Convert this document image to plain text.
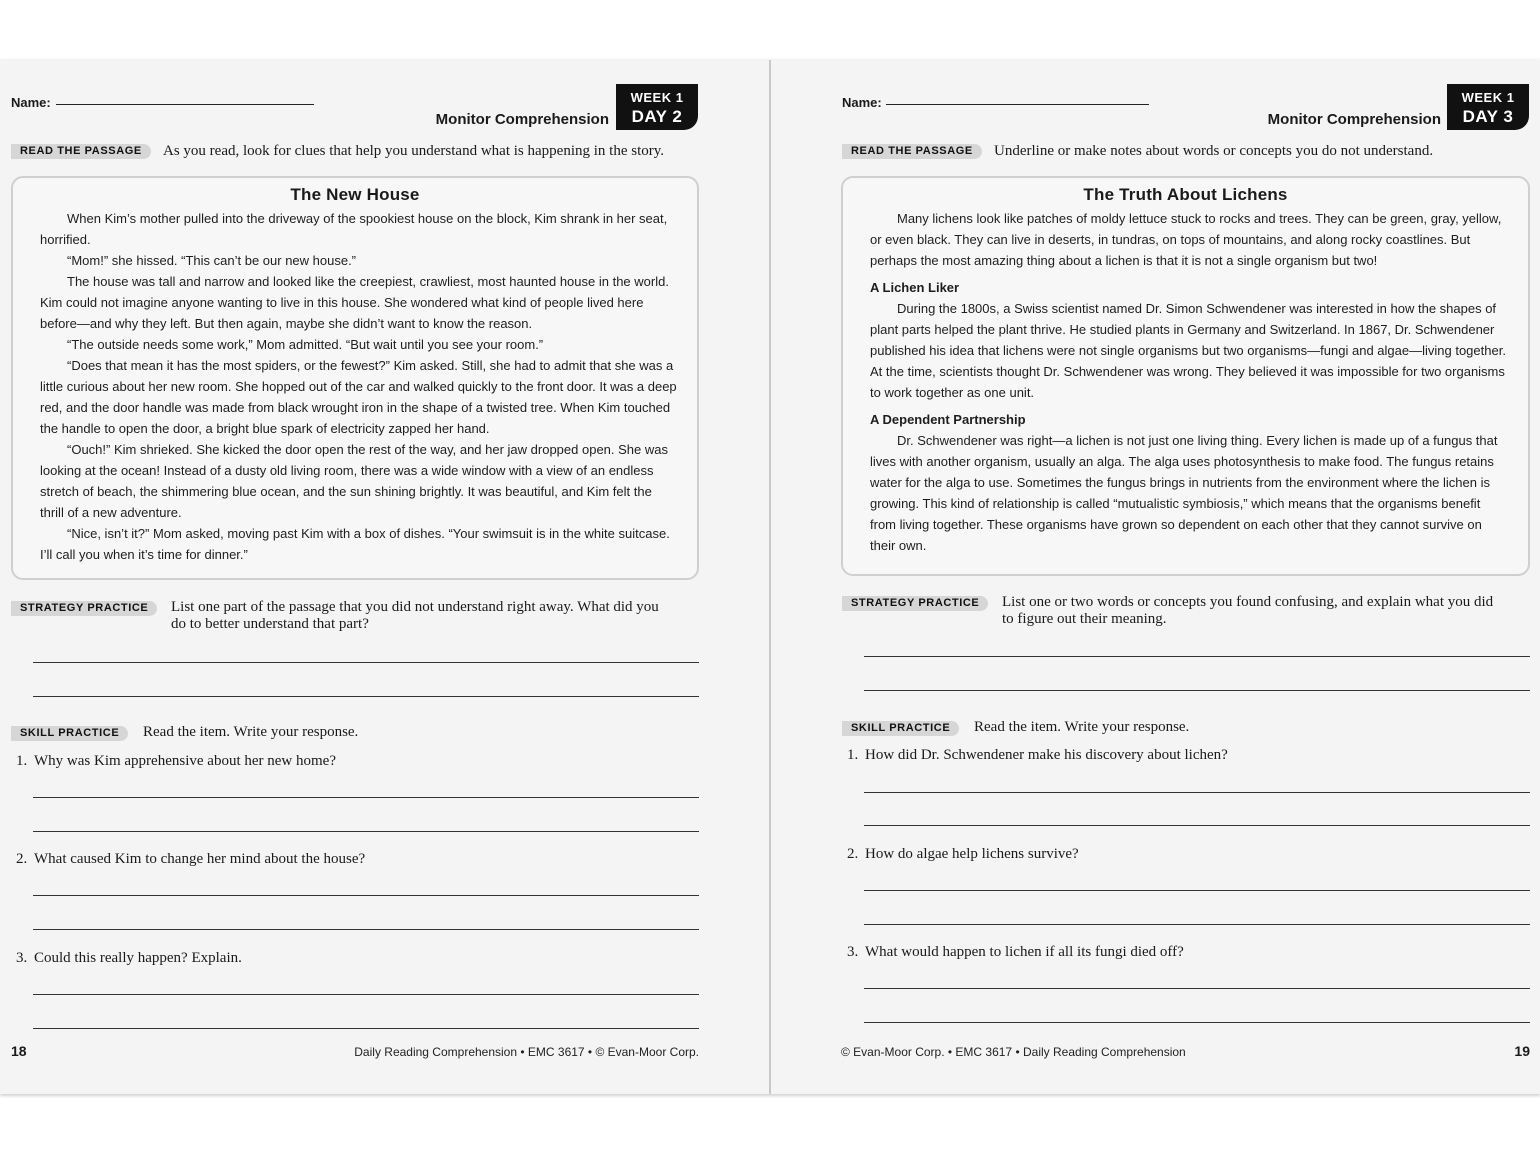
Name:
Monitor Comprehension
WEEK 1
DAY 2
READ THE PASSAGE	As you read, look for clues that help you understand what is happening in the story.
The New House

When Kim’s mother pulled into the driveway of the spookiest house on the block, Kim shrank in her seat, horrified.

“Mom!” she hissed. “This can’t be our new house.”

The house was tall and narrow and looked like the creepiest, crawliest, most haunted house in the world. Kim could not imagine anyone wanting to live in this house. She wondered what kind of people lived here before—and why they left. But then again, maybe she didn’t want to know the reason.

“The outside needs some work,” Mom admitted. “But wait until you see your room.”

“Does that mean it has the most spiders, or the fewest?” Kim asked. Still, she had to admit that she was a little curious about her new room. She hopped out of the car and walked quickly to the front door. It was a deep red, and the door handle was made from black wrought iron in the shape of a twisted tree. When Kim touched the handle to open the door, a bright blue spark of electricity zapped her hand.

“Ouch!” Kim shrieked. She kicked the door open the rest of the way, and her jaw dropped open. She was looking at the ocean! Instead of a dusty old living room, there was a wide window with a view of an endless stretch of beach, the shimmering blue ocean, and the sun shining brightly. It was beautiful, and Kim felt the thrill of a new adventure.

“Nice, isn’t it?” Mom asked, moving past Kim with a box of dishes. “Your swimsuit is in the white suitcase. I’ll call you when it’s time for dinner.”

STRATEGY PRACTICE	List one part of the passage that you did not understand right away. What did you do to better understand that part?
SKILL PRACTICE	Read the item. Write your response.
1. Why was Kim apprehensive about her new home?
2. What caused Kim to change her mind about the house?
3. Could this really happen? Explain.
18	Daily Reading Comprehension • EMC 3617 • © Evan-Moor Corp.
Name:
Monitor Comprehension
WEEK 1
DAY 3
READ THE PASSAGE	Underline or make notes about words or concepts you do not understand.
The Truth About Lichens

Many lichens look like patches of moldy lettuce stuck to rocks and trees. They can be green, gray, yellow, or even black. They can live in deserts, in tundras, on tops of mountains, and along rocky coastlines. But perhaps the most amazing thing about a lichen is that it is not a single organism but two!

A Lichen Liker

During the 1800s, a Swiss scientist named Dr. Simon Schwendener was interested in how the shapes of plant parts helped the plant thrive. He studied plants in Germany and Switzerland. In 1867, Dr. Schwendener published his idea that lichens were not single organisms but two organisms—fungi and algae—living together. At the time, scientists thought Dr. Schwendener was wrong. They believed it was impossible for two organisms to work together as one unit.

A Dependent Partnership

Dr. Schwendener was right—a lichen is not just one living thing. Every lichen is made up of a fungus that lives with another organism, usually an alga. The alga uses photosynthesis to make food. The fungus retains water for the alga to use. Sometimes the fungus brings in nutrients from the environment where the lichen is growing. This kind of relationship is called “mutualistic symbiosis,” which means that the organisms benefit from living together. These organisms have grown so dependent on each other that they cannot survive on their own.

STRATEGY PRACTICE	List one or two words or concepts you found confusing, and explain what you did to figure out their meaning.
SKILL PRACTICE	Read the item. Write your response.
1. How did Dr. Schwendener make his discovery about lichen?
2. How do algae help lichens survive?
3. What would happen to lichen if all its fungi died off?
© Evan-Moor Corp. • EMC 3617 • Daily Reading Comprehension	19
